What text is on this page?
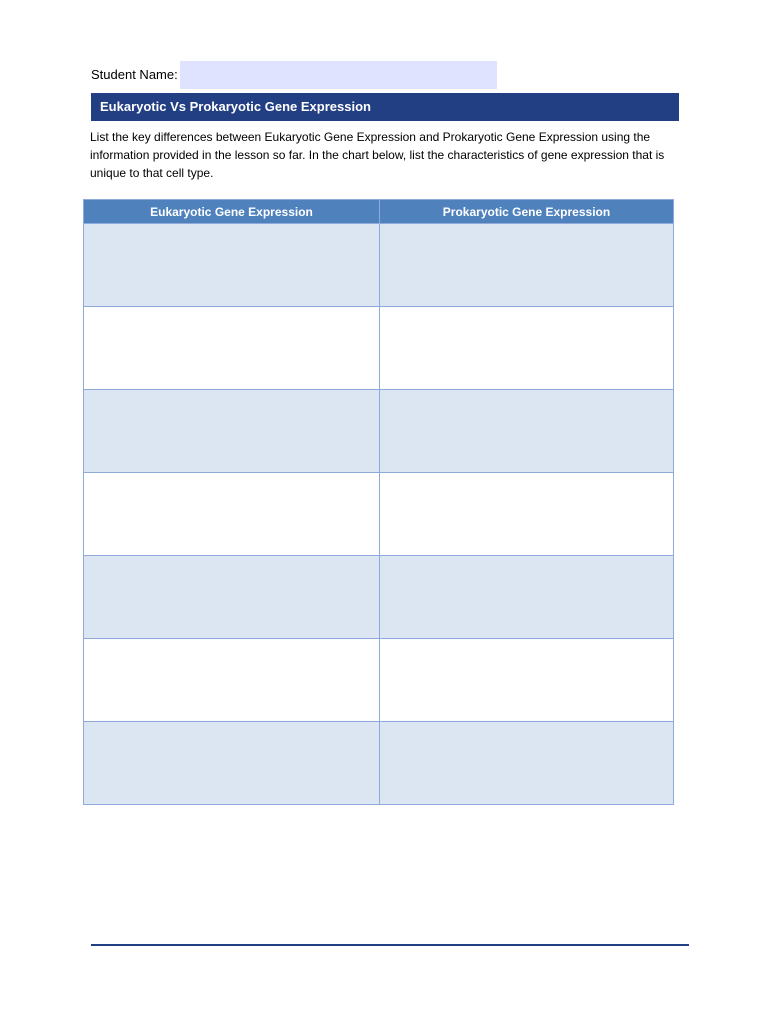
Student Name:
Eukaryotic Vs Prokaryotic Gene Expression

List the key differences between Eukaryotic Gene Expression and Prokaryotic Gene Expression using the information provided in the lesson so far. In the chart below, list the characteristics of gene expression that is unique to that cell type.

Eukaryotic Gene Expression	Prokaryotic Gene Expression
